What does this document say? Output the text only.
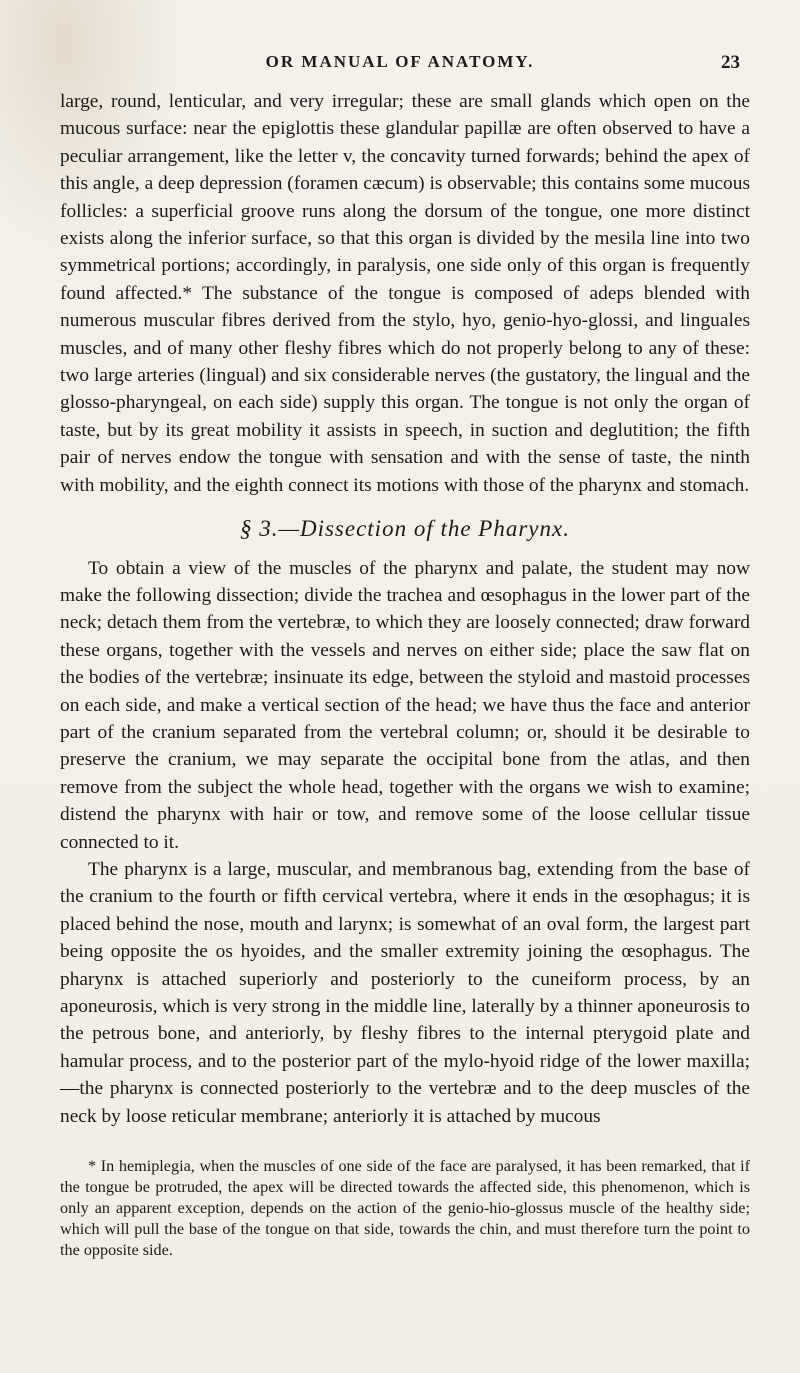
OR MANUAL OF ANATOMY.	23

large, round, lenticular, and very irregular; these are small glands which open on the mucous surface: near the epiglottis these glandular papillæ are often observed to have a peculiar arrangement, like the letter v, the concavity turned forwards; behind the apex of this angle, a deep depression (foramen cæcum) is observable; this contains some mucous follicles: a superficial groove runs along the dorsum of the tongue, one more distinct exists along the inferior surface, so that this organ is divided by the mesila line into two symmetrical portions; accordingly, in paralysis, one side only of this organ is frequently found affected.* The substance of the tongue is composed of adeps blended with numerous muscular fibres derived from the stylo, hyo, genio-hyo-glossi, and linguales muscles, and of many other fleshy fibres which do not properly belong to any of these: two large arteries (lingual) and six considerable nerves (the gustatory, the lingual and the glosso-pharyngeal, on each side) supply this organ. The tongue is not only the organ of taste, but by its great mobility it assists in speech, in suction and deglutition; the fifth pair of nerves endow the tongue with sensation and with the sense of taste, the ninth with mobility, and the eighth connect its motions with those of the pharynx and stomach.

§ 3.—Dissection of the Pharynx.

To obtain a view of the muscles of the pharynx and palate, the student may now make the following dissection; divide the trachea and œsophagus in the lower part of the neck; detach them from the vertebræ, to which they are loosely connected; draw forward these organs, together with the vessels and nerves on either side; place the saw flat on the bodies of the vertebræ; insinuate its edge, between the styloid and mastoid processes on each side, and make a vertical section of the head; we have thus the face and anterior part of the cranium separated from the vertebral column; or, should it be desirable to preserve the cranium, we may separate the occipital bone from the atlas, and then remove from the subject the whole head, together with the organs we wish to examine; distend the pharynx with hair or tow, and remove some of the loose cellular tissue connected to it.

The pharynx is a large, muscular, and membranous bag, extending from the base of the cranium to the fourth or fifth cervical vertebra, where it ends in the œsophagus; it is placed behind the nose, mouth and larynx; is somewhat of an oval form, the largest part being opposite the os hyoides, and the smaller extremity joining the œsophagus. The pharynx is attached superiorly and posteriorly to the cuneiform process, by an aponeurosis, which is very strong in the middle line, laterally by a thinner aponeurosis to the petrous bone, and anteriorly, by fleshy fibres to the internal pterygoid plate and hamular process, and to the posterior part of the mylo-hyoid ridge of the lower maxilla;—the pharynx is connected posteriorly to the vertebræ and to the deep muscles of the neck by loose reticular membrane; anteriorly it is attached by mucous

* In hemiplegia, when the muscles of one side of the face are paralysed, it has been remarked, that if the tongue be protruded, the apex will be directed towards the affected side, this phenomenon, which is only an apparent exception, depends on the action of the genio-hio-glossus muscle of the healthy side; which will pull the base of the tongue on that side, towards the chin, and must therefore turn the point to the opposite side.
